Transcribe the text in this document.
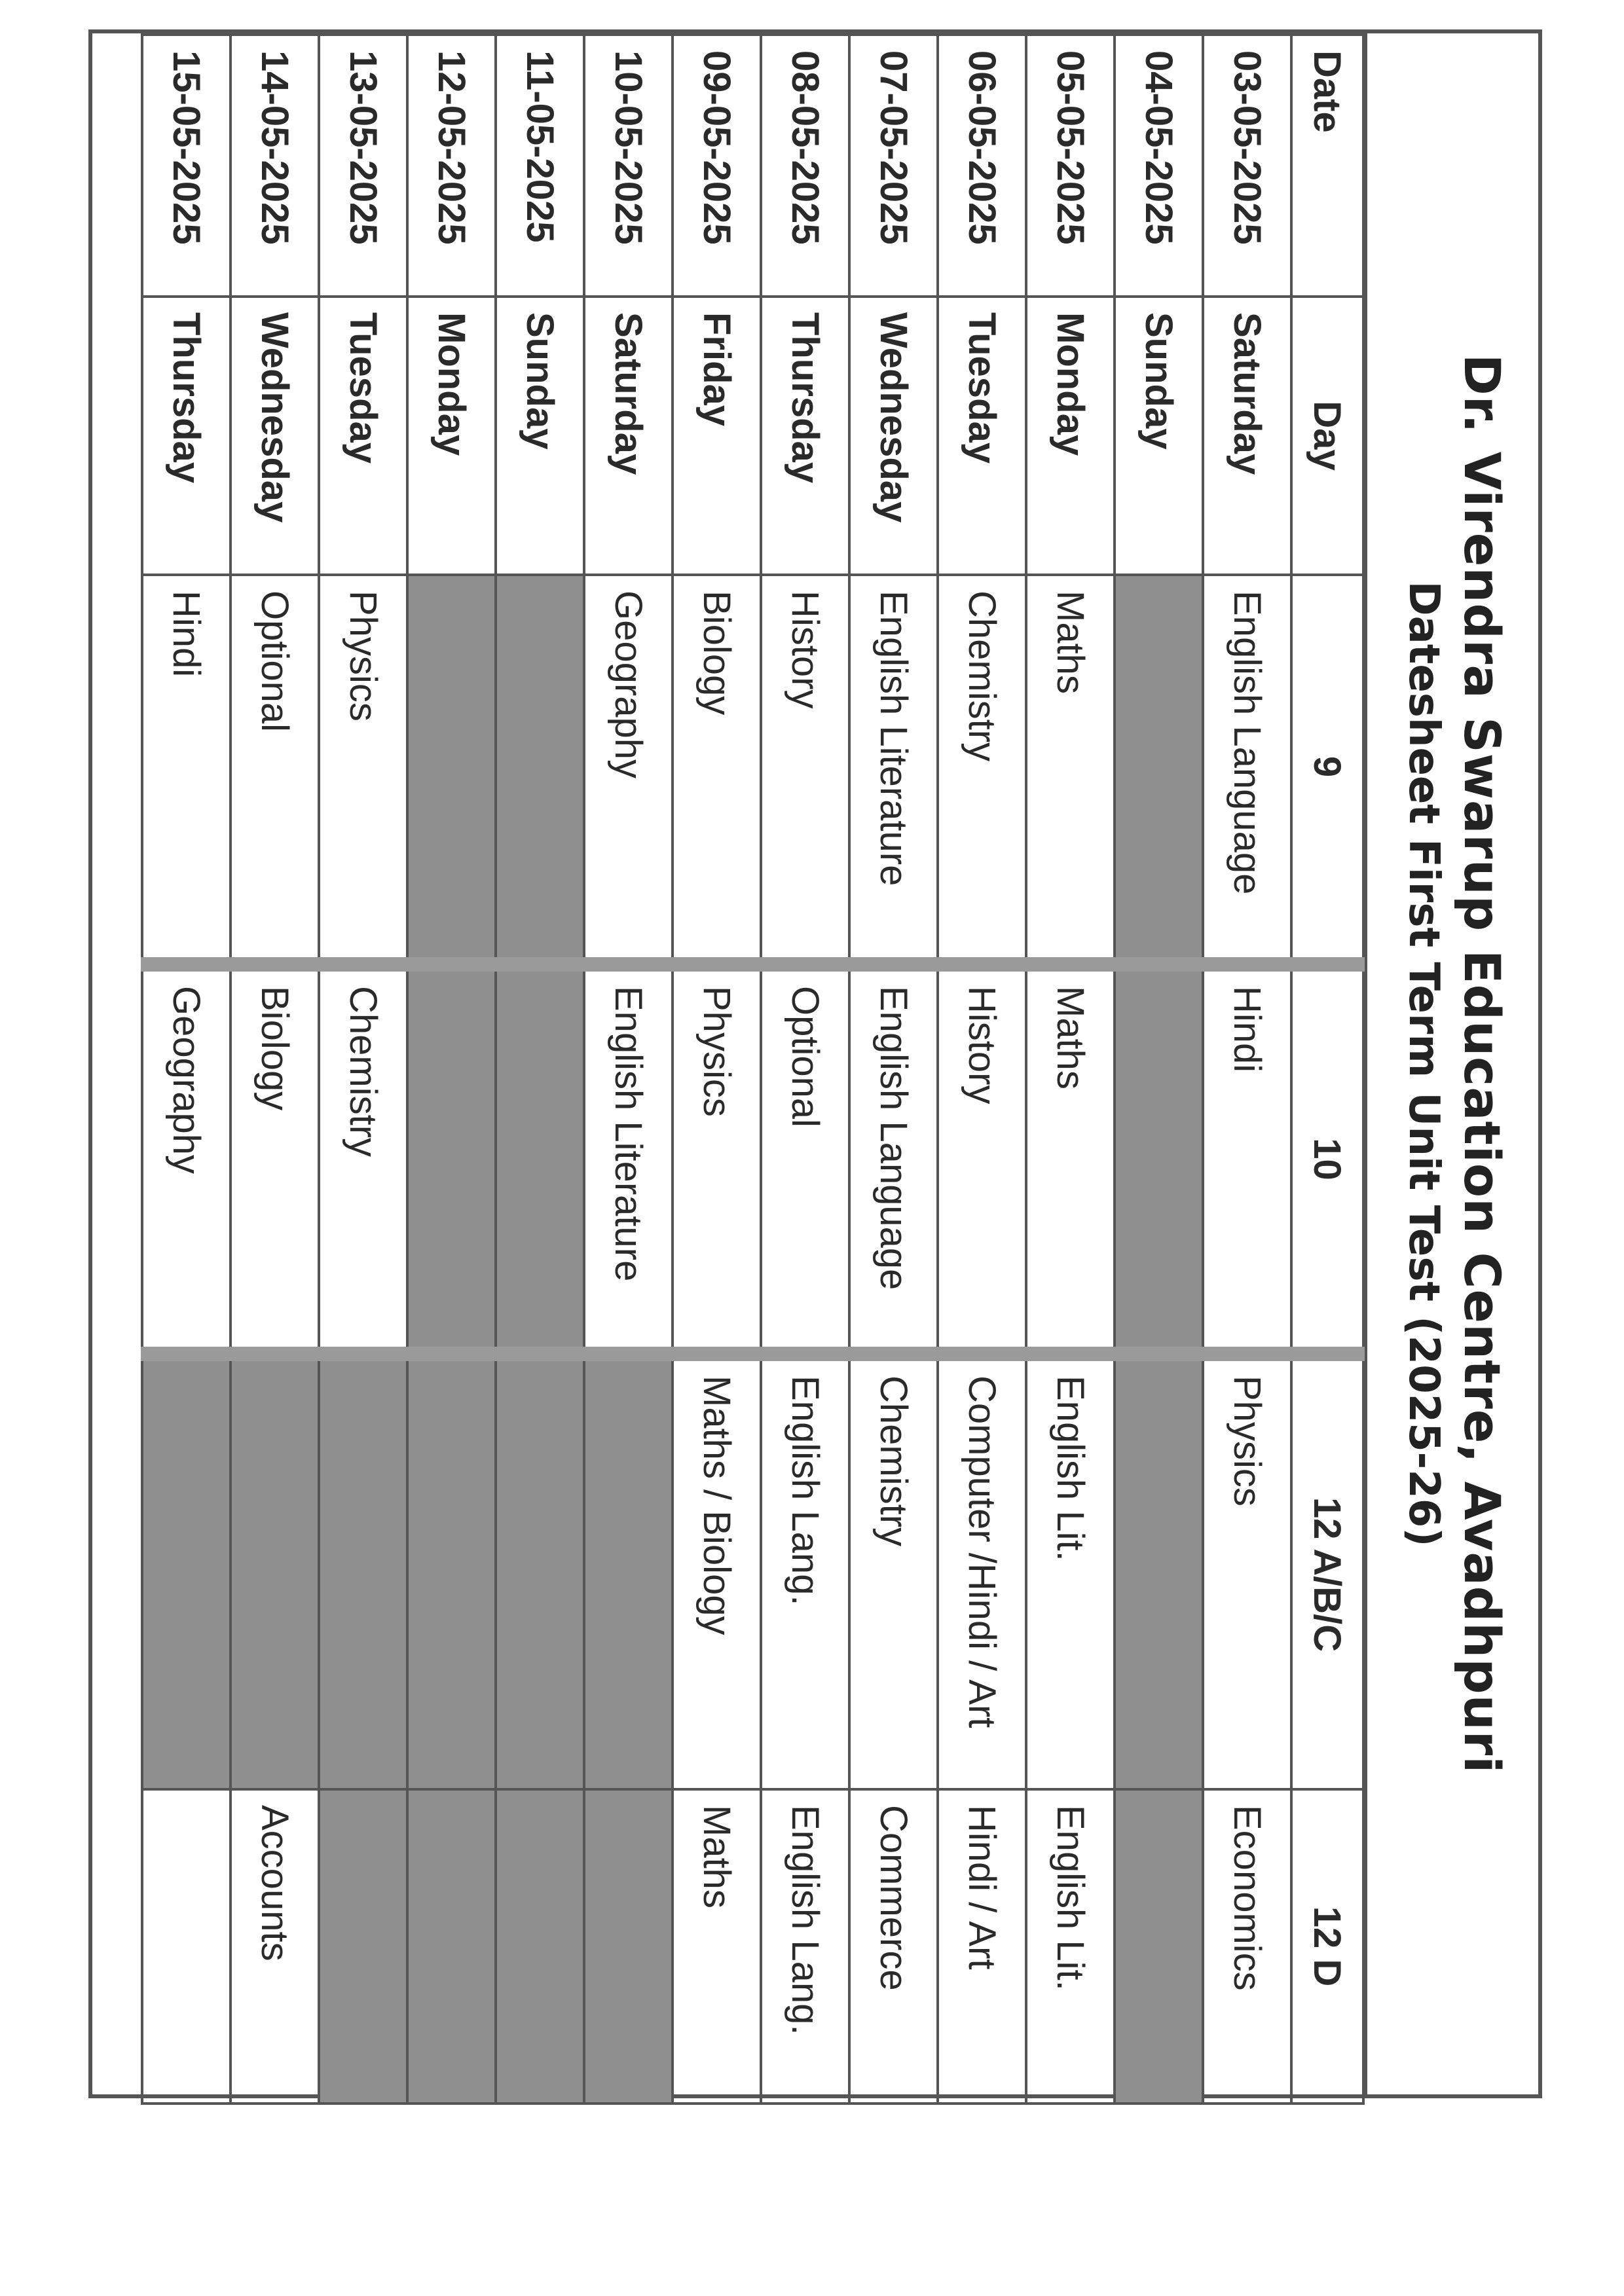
Dr. Virendra Swarup Education Centre, Avadhpuri
Datesheet First Term Unit Test (2025-26)
Date	Day	9	10	12 A/B/C	12 D
03-05-2025	Saturday	English Language	Hindi	Physics	Economics
04-05-2025	Sunday				
05-05-2025	Monday	Maths	Maths	English Lit.	English Lit.
06-05-2025	Tuesday	Chemistry	History	Computer /Hindi / Art	Hindi / Art
07-05-2025	Wednesday	English Literature	English Language	Chemistry	Commerce
08-05-2025	Thursday	History	Optional	English Lang.	English Lang.
09-05-2025	Friday	Biology	Physics	Maths / Biology	Maths
10-05-2025	Saturday	Geography	English Literature		
11-05-2025	Sunday				
12-05-2025	Monday				
13-05-2025	Tuesday	Physics	Chemistry		
14-05-2025	Wednesday	Optional	Biology		Accounts
15-05-2025	Thursday	Hindi	Geography		
